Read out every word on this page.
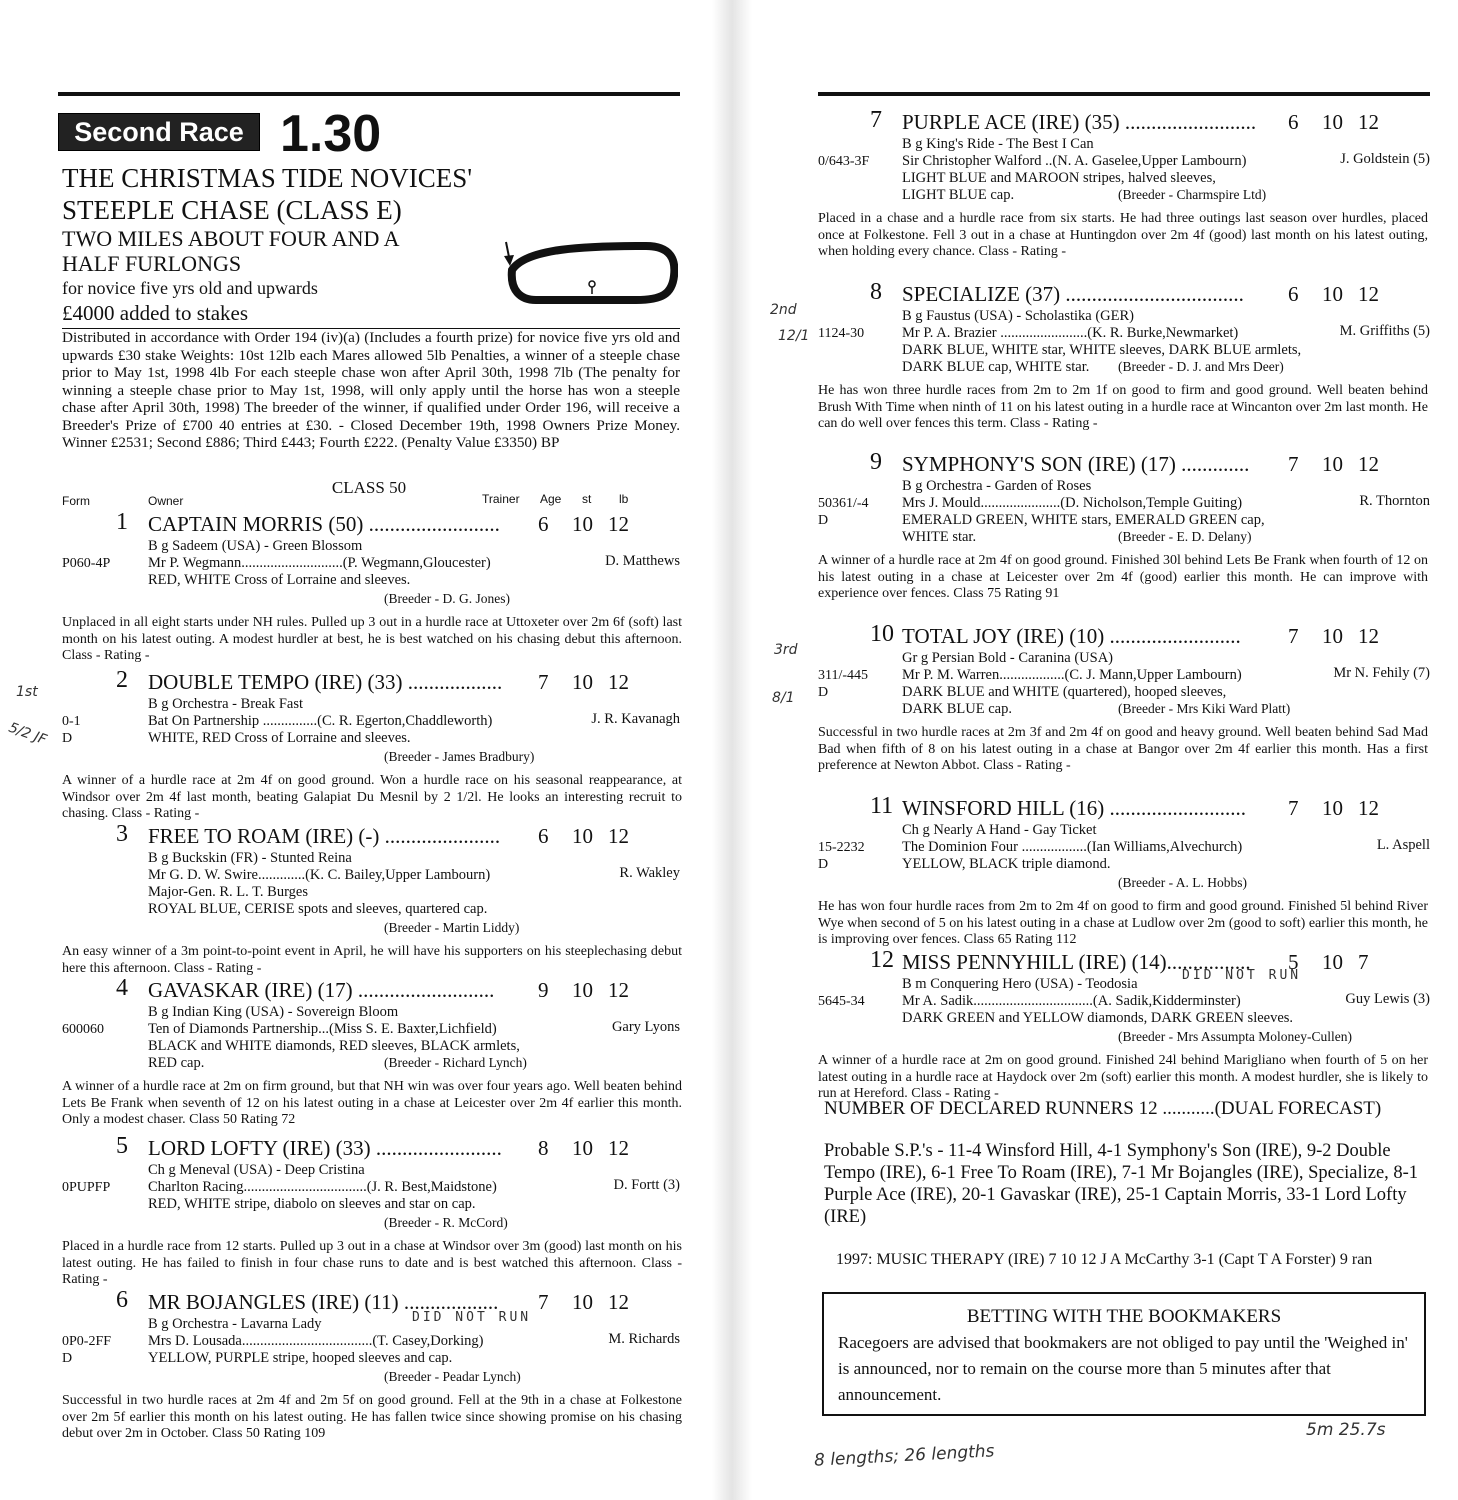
Second Race 1.30
THE CHRISTMAS TIDE NOVICES'
STEEPLE CHASE (CLASS E)
TWO MILES ABOUT FOUR AND A
HALF FURLONGS
for novice five yrs old and upwards
£4000 added to stakes
Distributed in accordance with Order 194 (iv)(a) (Includes a fourth prize) for novice five yrs old and upwards £30 stake Weights: 10st 12lb each Mares allowed 5lb Penalties, a winner of a steeple chase prior to May 1st, 1998 4lb For each steeple chase won after April 30th, 1998 7lb (The penalty for winning a steeple chase prior to May 1st, 1998, will only apply until the horse has won a steeple chase after April 30th, 1998) The breeder of the winner, if qualified under Order 196, will receive a Breeder's Prize of £700 40 entries at £30. - Closed December 19th, 1998 Owners Prize Money. Winner £2531; Second £886; Third £443; Fourth £222. (Penalty Value £3350) BP
CLASS 50
Form	Owner	Trainer Age st lb
1 CAPTAIN MORRIS (50) ......................... 6 10 12
B g Sadeem (USA) - Green Blossom
P060-4P	Mr P. Wegmann............................(P. Wegmann,Gloucester)	D. Matthews
RED, WHITE Cross of Lorraine and sleeves.
(Breeder - D. G. Jones)
Unplaced in all eight starts under NH rules. Pulled up 3 out in a hurdle race at Uttoxeter over 2m 6f (soft) last month on his latest outing. A modest hurdler at best, he is best watched on his chasing debut this afternoon. Class - Rating -
2 DOUBLE TEMPO (IRE) (33) .................. 7 10 12
B g Orchestra - Break Fast
0-1
D
Bat On Partnership ...............(C. R. Egerton,Chaddleworth)	J. R. Kavanagh
WHITE, RED Cross of Lorraine and sleeves.
(Breeder - James Bradbury)
A winner of a hurdle race at 2m 4f on good ground. Won a hurdle race on his seasonal reappearance, at Windsor over 2m 4f last month, beating Galapiat Du Mesnil by 2 1/2l. He looks an interesting recruit to chasing. Class - Rating -
3 FREE TO ROAM (IRE) (-) ...................... 6 10 12
B g Buckskin (FR) - Stunted Reina
Mr G. D. W. Swire.............(K. C. Bailey,Upper Lambourn)	R. Wakley
Major-Gen. R. L. T. Burges
ROYAL BLUE, CERISE spots and sleeves, quartered cap.
(Breeder - Martin Liddy)
An easy winner of a 3m point-to-point event in April, he will have his supporters on his steeplechasing debut here this afternoon. Class - Rating -
4 GAVASKAR (IRE) (17) .......................... 9 10 12
B g Indian King (USA) - Sovereign Bloom
600060	Ten of Diamonds Partnership...(Miss S. E. Baxter,Lichfield)	Gary Lyons
BLACK and WHITE diamonds, RED sleeves, BLACK armlets,
RED cap.	(Breeder - Richard Lynch)
A winner of a hurdle race at 2m on firm ground, but that NH win was over four years ago. Well beaten behind Lets Be Frank when seventh of 12 on his latest outing in a chase at Leicester over 2m 4f earlier this month. Only a modest chaser. Class 50 Rating 72
5 LORD LOFTY (IRE) (33) ........................ 8 10 12
Ch g Meneval (USA) - Deep Cristina
0PUPFP	Charlton Racing..................................(J. R. Best,Maidstone)	D. Fortt (3)
RED, WHITE stripe, diabolo on sleeves and star on cap.
(Breeder - R. McCord)
Placed in a hurdle race from 12 starts. Pulled up 3 out in a chase at Windsor over 3m (good) last month on his latest outing. He has failed to finish in four chase runs to date and is best watched this afternoon. Class - Rating -
6 MR BOJANGLES (IRE) (11) .................. 7 10 12
B g Orchestra - Lavarna Lady
0P0-2FF
D
Mrs D. Lousada....................................(T. Casey,Dorking)	M. Richards
YELLOW, PURPLE stripe, hooped sleeves and cap.
(Breeder - Peadar Lynch)
Successful in two hurdle races at 2m 4f and 2m 5f on good ground. Fell at the 9th in a chase at Folkestone over 2m 5f earlier this month on his latest outing. He has fallen twice since showing promise on his chasing debut over 2m in October. Class 50 Rating 109
7 PURPLE ACE (IRE) (35) ......................... 6 10 12
B g King's Ride - The Best I Can
0/643-3F Sir Christopher Walford ..(N. A. Gaselee,Upper Lambourn)	J. Goldstein (5)
LIGHT BLUE and MAROON stripes, halved sleeves,
LIGHT BLUE cap.	(Breeder - Charmspire Ltd)
Placed in a chase and a hurdle race from six starts. He had three outings last season over hurdles, placed once at Folkestone. Fell 3 out in a chase at Huntingdon over 2m 4f (good) last month on his latest outing, when holding every chance. Class - Rating -
8 SPECIALIZE (37) .................................. 6 10 12
B g Faustus (USA) - Scholastika (GER)
1124-30	Mr P. A. Brazier ........................(K. R. Burke,Newmarket)	M. Griffiths (5)
DARK BLUE, WHITE star, WHITE sleeves, DARK BLUE armlets,
DARK BLUE cap, WHITE star. (Breeder - D. J. and Mrs Deer)
He has won three hurdle races from 2m to 2m 1f on good to firm and good ground. Well beaten behind Brush With Time when ninth of 11 on his latest outing in a hurdle race at Wincanton over 2m last month. He can do well over fences this term. Class - Rating -
9 SYMPHONY'S SON (IRE) (17) ............. 7 10 12
B g Orchestra - Garden of Roses
50361/-4
D
Mrs J. Mould......................(D. Nicholson,Temple Guiting)	R. Thornton
EMERALD GREEN, WHITE stars, EMERALD GREEN cap,
WHITE star.	(Breeder - E. D. Delany)
A winner of a hurdle race at 2m 4f on good ground. Finished 30l behind Lets Be Frank when fourth of 12 on his latest outing in a chase at Leicester over 2m 4f (good) earlier this month. He can improve with experience over fences. Class 75 Rating 91
10 TOTAL JOY (IRE) (10) ......................... 7 10 12
Gr g Persian Bold - Caranina (USA)
311/-445
D
Mr P. M. Warren..................(C. J. Mann,Upper Lambourn)	Mr N. Fehily (7)
DARK BLUE and WHITE (quartered), hooped sleeves,
DARK BLUE cap.	(Breeder - Mrs Kiki Ward Platt)
Successful in two hurdle races at 2m 3f and 2m 4f on good and heavy ground. Well beaten behind Sad Mad Bad when fifth of 8 on his latest outing in a chase at Bangor over 2m 4f earlier this month. Has a first preference at Newton Abbot. Class - Rating -
11 WINSFORD HILL (16) .......................... 7 10 12
Ch g Nearly A Hand - Gay Ticket
15-2232
D
The Dominion Four ..................(Ian Williams,Alvechurch)	L. Aspell
YELLOW, BLACK triple diamond.
(Breeder - A. L. Hobbs)
He has won four hurdle races from 2m to 2m 4f on good to firm and good ground. Finished 5l behind River Wye when second of 5 on his latest outing in a chase at Ludlow over 2m (good to soft) earlier this month, he is improving over fences. Class 65 Rating 112
12 MISS PENNYHILL (IRE) (14)................ 5 10 7
B m Conquering Hero (USA) - Teodosia
5645-34	Mr A. Sadik.................................(A. Sadik,Kidderminster)	Guy Lewis (3)
DARK GREEN and YELLOW diamonds, DARK GREEN sleeves.
(Breeder - Mrs Assumpta Moloney-Cullen)
A winner of a hurdle race at 2m on good ground. Finished 24l behind Marigliano when fourth of 5 on her latest outing in a hurdle race at Haydock over 2m (soft) earlier this month. A modest hurdler, she is likely to run at Hereford. Class - Rating -
NUMBER OF DECLARED RUNNERS 12 ...........(DUAL FORECAST)
Probable S.P.'s - 11-4 Winsford Hill, 4-1 Symphony's Son (IRE), 9-2 Double Tempo (IRE), 6-1 Free To Roam (IRE), 7-1 Mr Bojangles (IRE), Specialize, 8-1 Purple Ace (IRE), 20-1 Gavaskar (IRE), 25-1 Captain Morris, 33-1 Lord Lofty (IRE)
1997: MUSIC THERAPY (IRE) 7 10 12 J A McCarthy 3-1 (Capt T A Forster) 9 ran
BETTING WITH THE BOOKMAKERS
Racegoers are advised that bookmakers are not obliged to pay until the 'Weighed in' is announced, nor to remain on the course more than 5 minutes after that announcement.
1st
5/2 JF
2nd
12/1
3rd
8/1
DID NOT RUN
DID NOT RUN
8 lengths; 26 lengths
5m 25.7s
